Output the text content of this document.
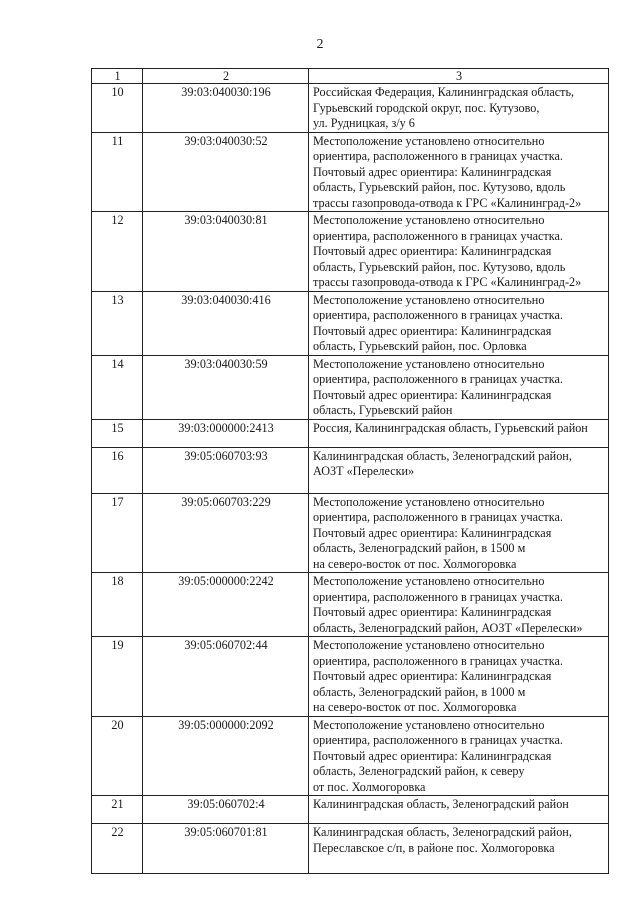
2
1	2	3
10	39:03:040030:196	Российская Федерация, Калининградская область,
Гурьевский городской округ, пос. Кутузово,
ул. Рудницкая, з/у 6

11	39:03:040030:52	Местоположение установлено относительно
ориентира, расположенного в границах участка.
Почтовый адрес ориентира: Калининградская
область, Гурьевский район, пос. Кутузово, вдоль
трассы газопровода-отвода к ГРС «Калининград-2»

12	39:03:040030:81	Местоположение установлено относительно
ориентира, расположенного в границах участка.
Почтовый адрес ориентира: Калининградская
область, Гурьевский район, пос. Кутузово, вдоль
трассы газопровода-отвода к ГРС «Калининград-2»

13	39:03:040030:416	Местоположение установлено относительно
ориентира, расположенного в границах участка.
Почтовый адрес ориентира: Калининградская
область, Гурьевский район, пос. Орловка

14	39:03:040030:59	Местоположение установлено относительно
ориентира, расположенного в границах участка.
Почтовый адрес ориентира: Калининградская
область, Гурьевский район

15	39:03:000000:2413	Россия, Калининградская область, Гурьевский район

16	39:05:060703:93	Калининградская область, Зеленоградский район,
АОЗТ «Перелески»

17	39:05:060703:229	Местоположение установлено относительно
ориентира, расположенного в границах участка.
Почтовый адрес ориентира: Калининградская
область, Зеленоградский район, в 1500 м
на северо-восток от пос. Холмогоровка

18	39:05:000000:2242	Местоположение установлено относительно
ориентира, расположенного в границах участка.
Почтовый адрес ориентира: Калининградская
область, Зеленоградский район, АОЗТ «Перелески»

19	39:05:060702:44	Местоположение установлено относительно
ориентира, расположенного в границах участка.
Почтовый адрес ориентира: Калининградская
область, Зеленоградский район, в 1000 м
на северо-восток от пос. Холмогоровка

20	39:05:000000:2092	Местоположение установлено относительно
ориентира, расположенного в границах участка.
Почтовый адрес ориентира: Калининградская
область, Зеленоградский район, к северу
от пос. Холмогоровка

21	39:05:060702:4	Калининградская область, Зеленоградский район

22	39:05:060701:81	Калининградская область, Зеленоградский район,
Переславское с/п, в районе пос. Холмогоровка
